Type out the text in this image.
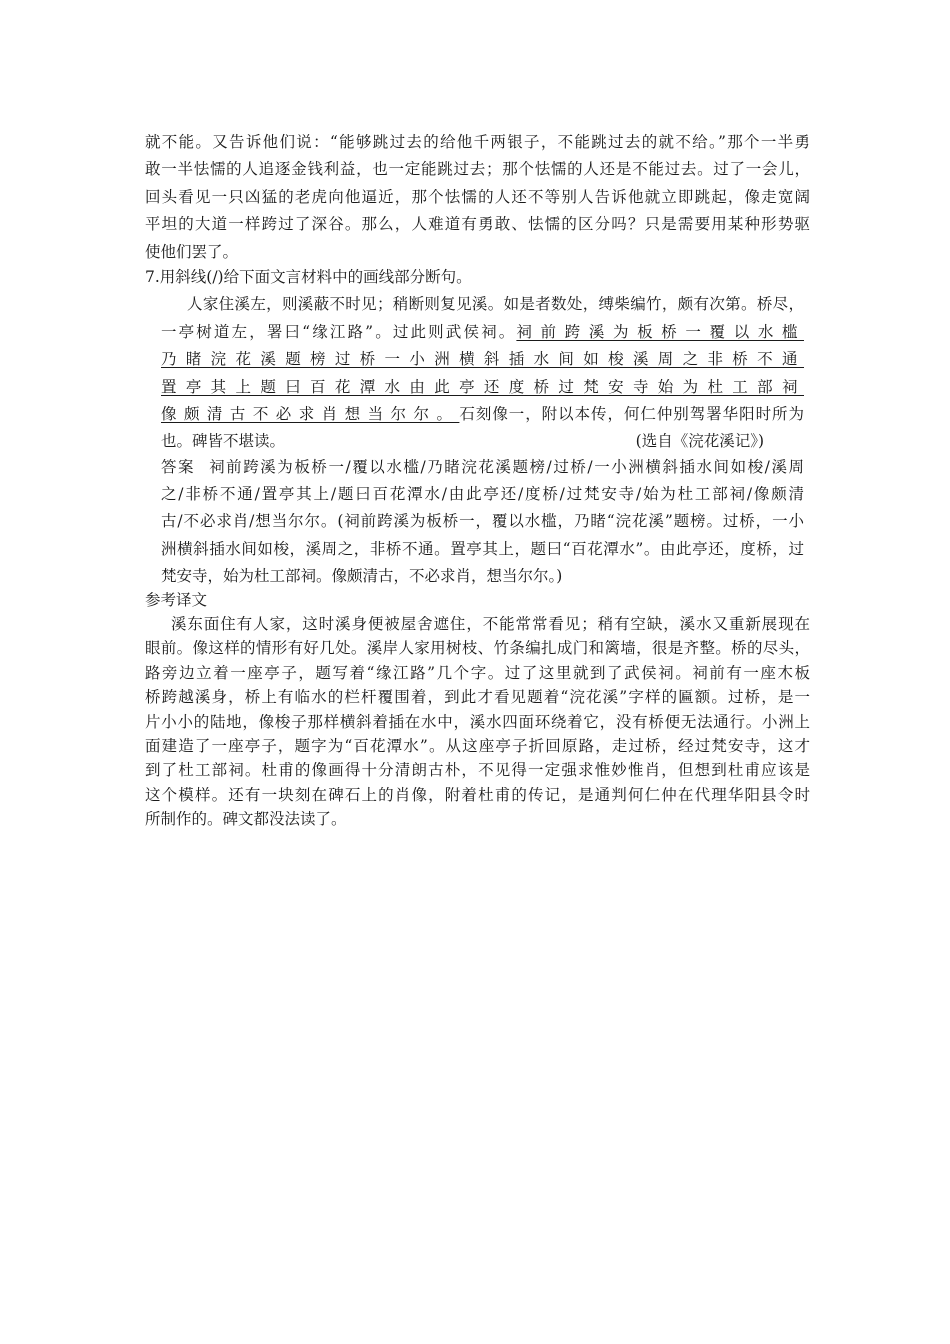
就不能。又告诉他们说：“能够跳过去的给他千两银子，不能跳过去的就不给。”那个一半勇
敢一半怯懦的人追逐金钱利益，也一定能跳过去；那个怯懦的人还是不能过去。过了一会儿，
回头看见一只凶猛的老虎向他逼近，那个怯懦的人还不等别人告诉他就立即跳起，像走宽阔
平坦的大道一样跨过了深谷。那么，人难道有勇敢、怯懦的区分吗？只是需要用某种形势驱
使他们罢了。
7.用斜线(/)给下面文言材料中的画线部分断句。
人家住溪左，则溪蔽不时见；稍断则复见溪。如是者数处，缚柴编竹，颇有次第。桥尽，
一亭树道左，署曰“缘江路”。过此则武侯祠。祠前跨溪为板桥一覆以水槛
乃睹浣花溪题榜过桥一小洲横斜插水间如梭溪周之非桥不通
置亭其上题曰百花潭水由此亭还度桥过梵安寺始为杜工部祠
像颇清古不必求肖想当尔尔。石刻像一，附以本传，何仁仲别驾署华阳时所为
也。碑皆不堪读。	(选自《浣花溪记》)
答案 祠前跨溪为板桥一/覆以水槛/乃睹浣花溪题榜/过桥/一小洲横斜插水间如梭/溪周
之/非桥不通/置亭其上/题曰百花潭水/由此亭还/度桥/过梵安寺/始为杜工部祠/像颇清
古/不必求肖/想当尔尔。(祠前跨溪为板桥一，覆以水槛，乃睹“浣花溪”题榜。过桥，一小
洲横斜插水间如梭，溪周之，非桥不通。置亭其上，题曰“百花潭水”。由此亭还，度桥，过
梵安寺，始为杜工部祠。像颇清古，不必求肖，想当尔尔。)
参考译文
溪东面住有人家，这时溪身便被屋舍遮住，不能常常看见；稍有空缺，溪水又重新展现在
眼前。像这样的情形有好几处。溪岸人家用树枝、竹条编扎成门和篱墙，很是齐整。桥的尽头，
路旁边立着一座亭子，题写着“缘江路”几个字。过了这里就到了武侯祠。祠前有一座木板
桥跨越溪身，桥上有临水的栏杆覆围着，到此才看见题着“浣花溪”字样的匾额。过桥，是一
片小小的陆地，像梭子那样横斜着插在水中，溪水四面环绕着它，没有桥便无法通行。小洲上
面建造了一座亭子，题字为“百花潭水”。从这座亭子折回原路，走过桥，经过梵安寺，这才
到了杜工部祠。杜甫的像画得十分清朗古朴，不见得一定强求惟妙惟肖，但想到杜甫应该是
这个模样。还有一块刻在碑石上的肖像，附着杜甫的传记，是通判何仁仲在代理华阳县令时
所制作的。碑文都没法读了。
